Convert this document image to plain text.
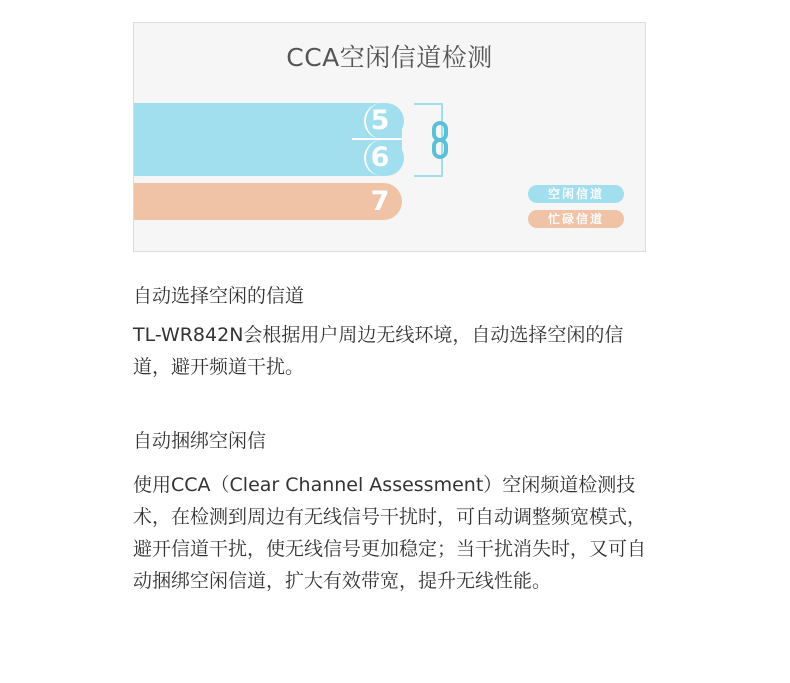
CCA空闲信道检测
5
6
7	空闲信道
忙碌信道
自动选择空闲的信道

TL-WR842N会根据用户周边无线环境，自动选择空闲的信道，避开频道干扰。

自动捆绑空闲信

使用CCA（Clear Channel Assessment）空闲频道检测技术，在检测到周边有无线信号干扰时，可自动调整频宽模式，避开信道干扰，使无线信号更加稳定；当干扰消失时，又可自动捆绑空闲信道，扩大有效带宽，提升无线性能。
